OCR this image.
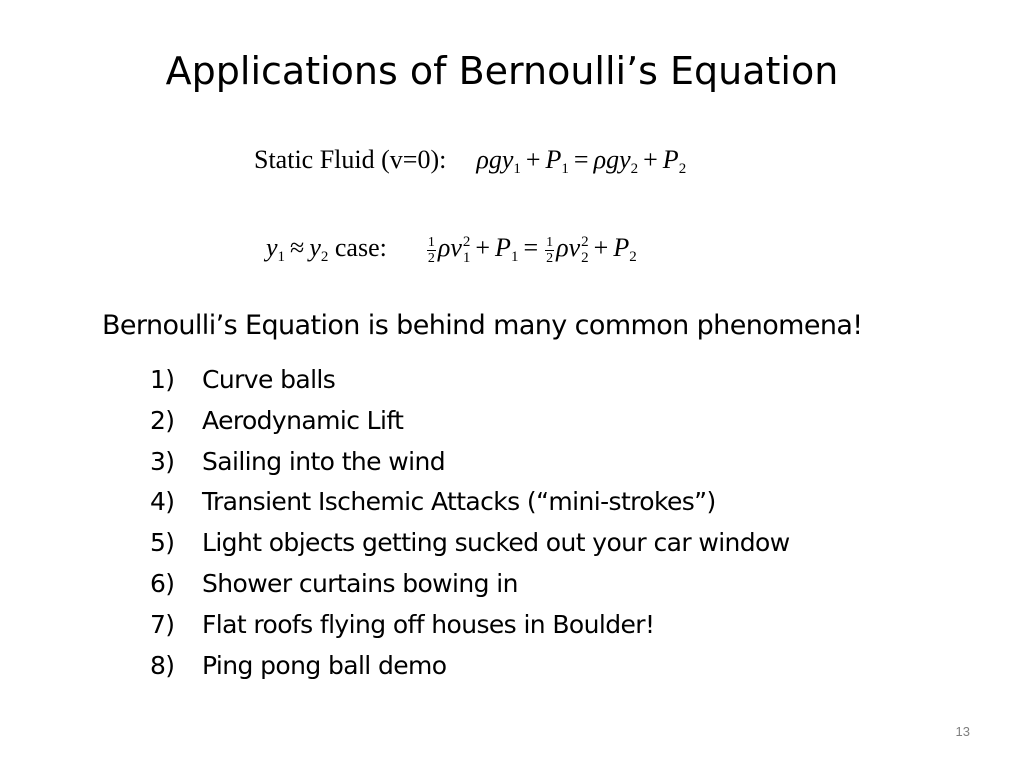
Applications of Bernoulli’s Equation
Static Fluid (v=0): $\rho gy_1 + P_1 = \rho gy_2 + P_2$
$y_1 \approx y_2$ case:	$\frac{1}{2}$ ρv 2
$1 + P_1 = \frac{1}{2}$ ρv 2
$2 + P_2$
Bernoulli’s Equation is behind many common phenomena!
1)	Curve balls
2)	Aerodynamic Lift
3)	Sailing into the wind
4)	Transient Ischemic Attacks (“mini-strokes”)
5)	Light objects getting sucked out your car window
6)	Shower curtains bowing in
7)	Flat roofs flying off houses in Boulder!
8)	Ping pong ball demo
13
